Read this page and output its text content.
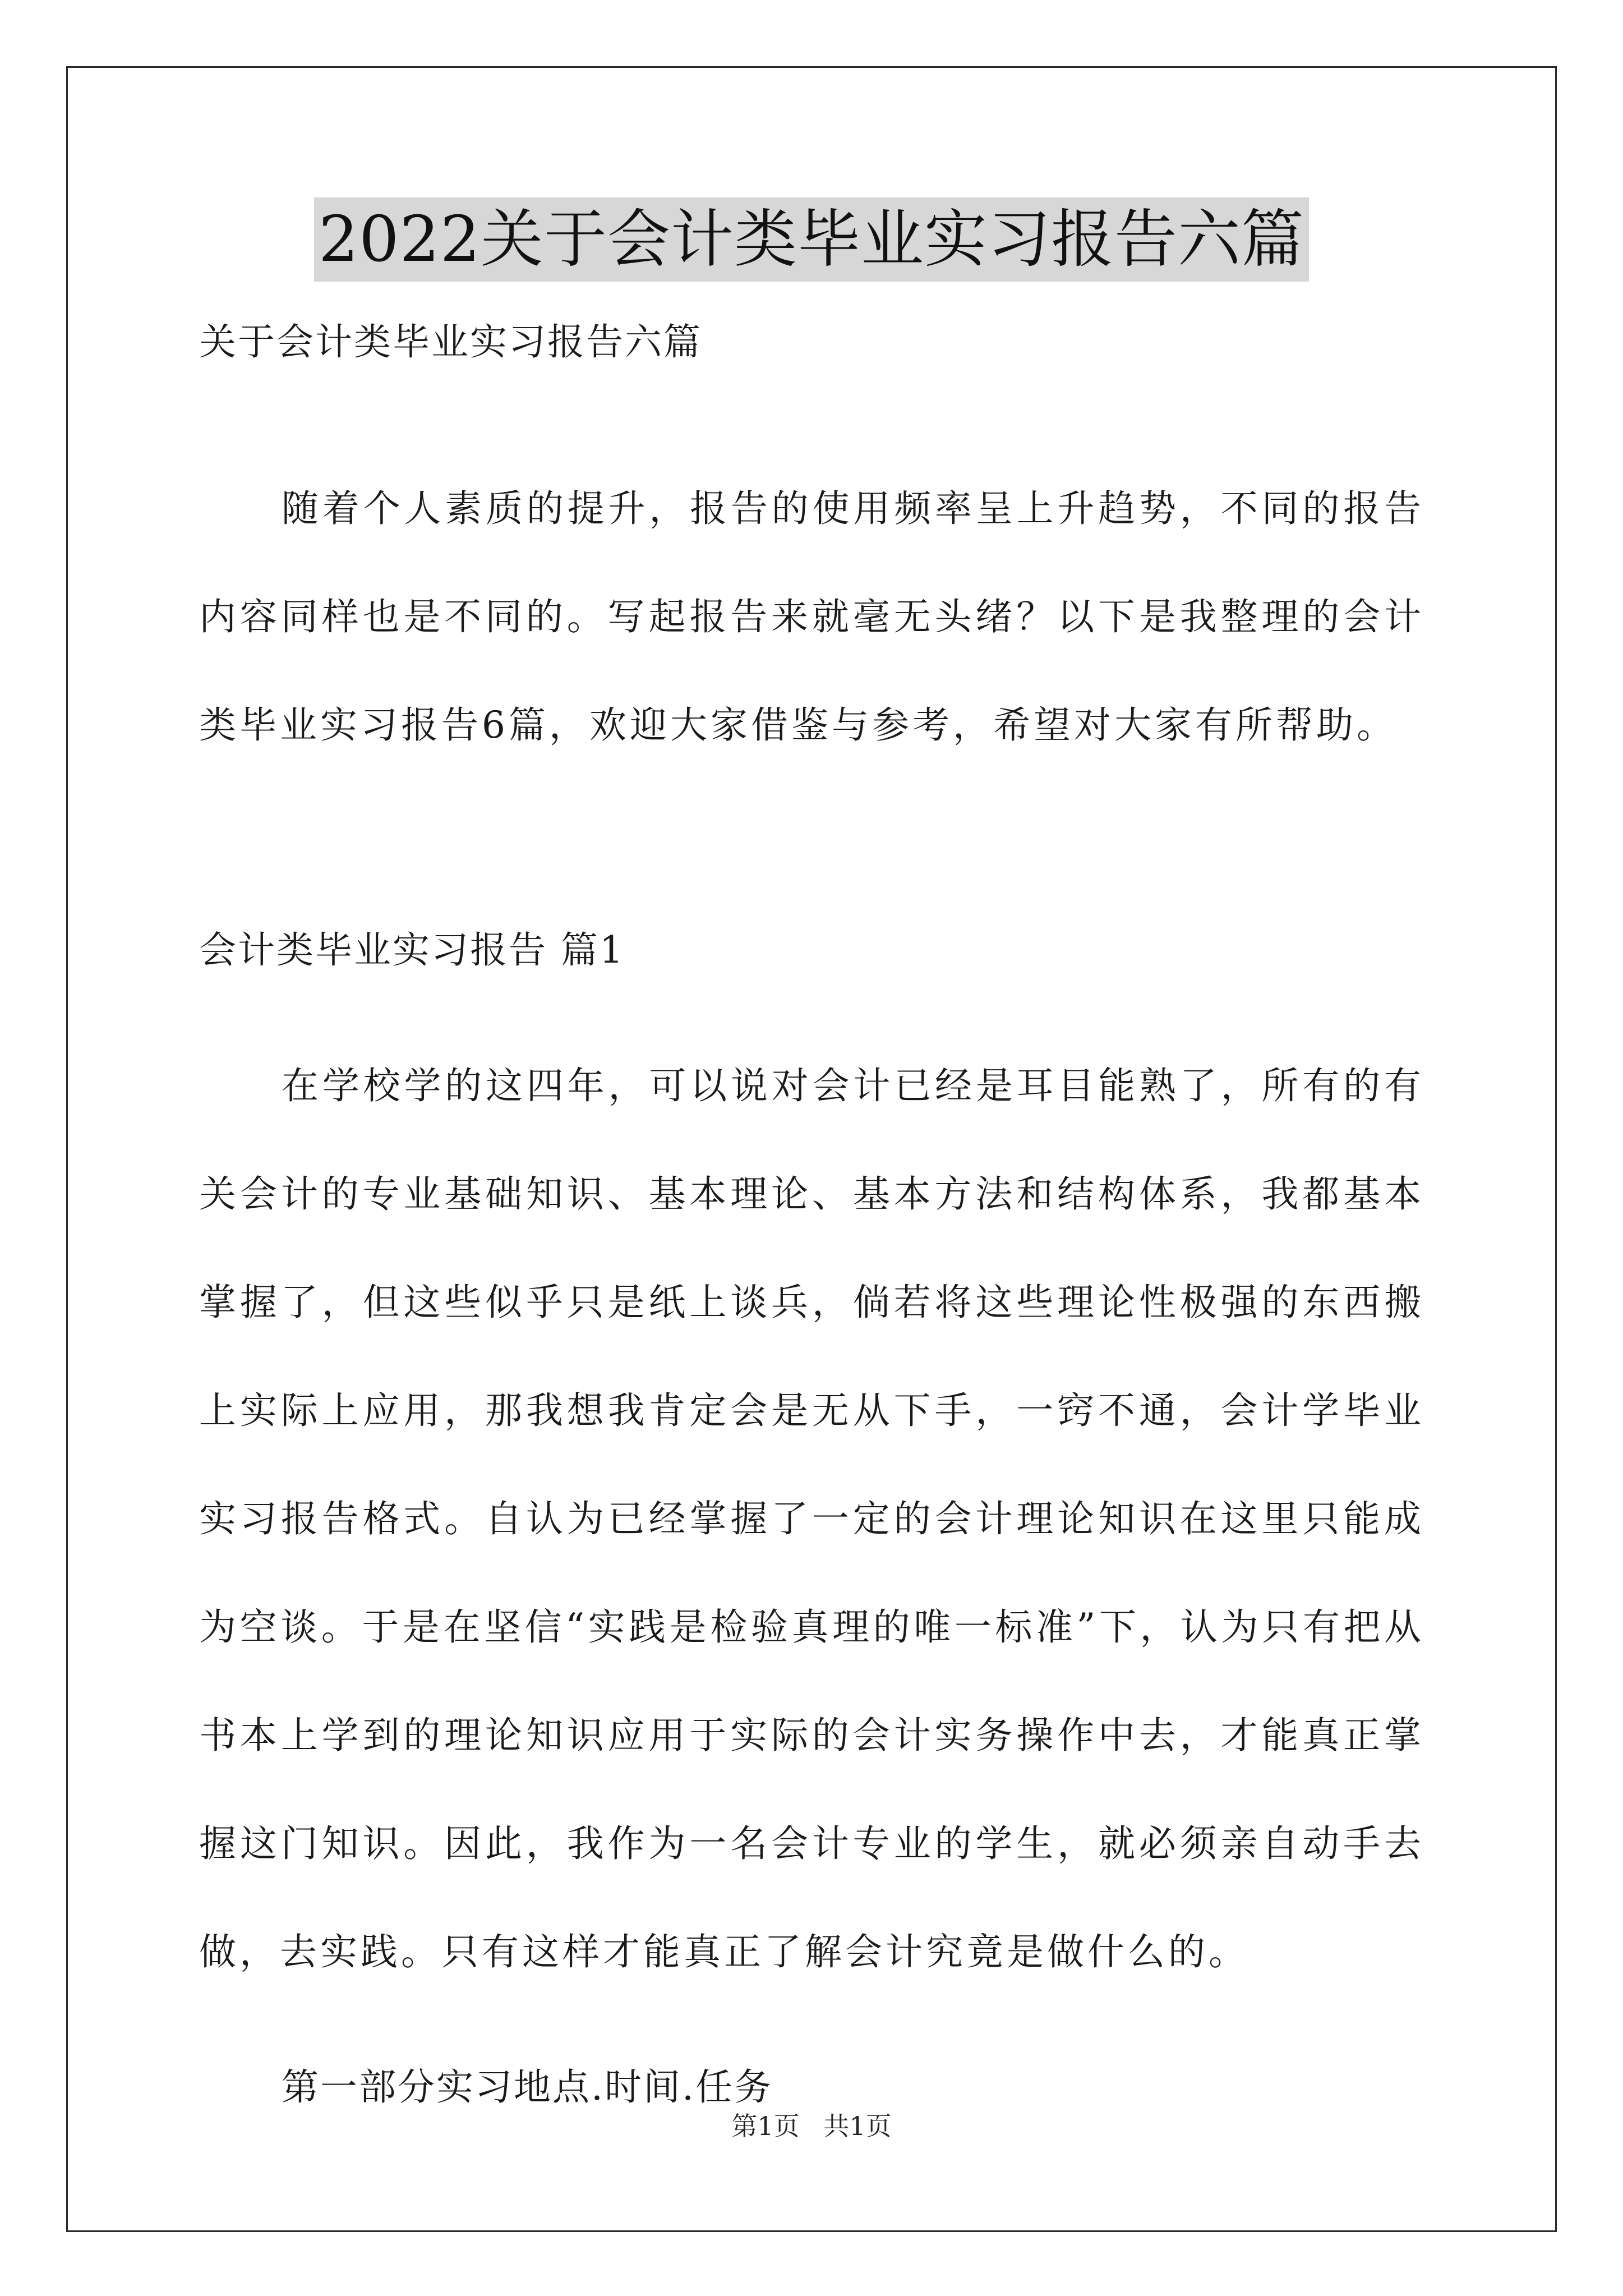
2022关于会计类毕业实习报告六篇

关于会计类毕业实习报告六篇

随着个人素质的提升，报告的使用频率呈上升趋势，不同的报告内容同样也是不同的。写起报告来就毫无头绪？以下是我整理的会计类毕业实习报告6篇，欢迎大家借鉴与参考，希望对大家有所帮助。

会计类毕业实习报告 篇1

在学校学的这四年，可以说对会计已经是耳目能熟了，所有的有关会计的专业基础知识、基本理论、基本方法和结构体系，我都基本掌握了，但这些似乎只是纸上谈兵，倘若将这些理论性极强的东西搬上实际上应用，那我想我肯定会是无从下手，一窍不通，会计学毕业实习报告格式。自认为已经掌握了一定的会计理论知识在这里只能成为空谈。于是在坚信“实践是检验真理的唯一标准”下，认为只有把从书本上学到的理论知识应用于实际的会计实务操作中去，才能真正掌握这门知识。因此，我作为一名会计专业的学生，就必须亲自动手去做，去实践。只有这样才能真正了解会计究竟是做什么的。

第一部分实习地点.时间.任务

第1页 共1页
